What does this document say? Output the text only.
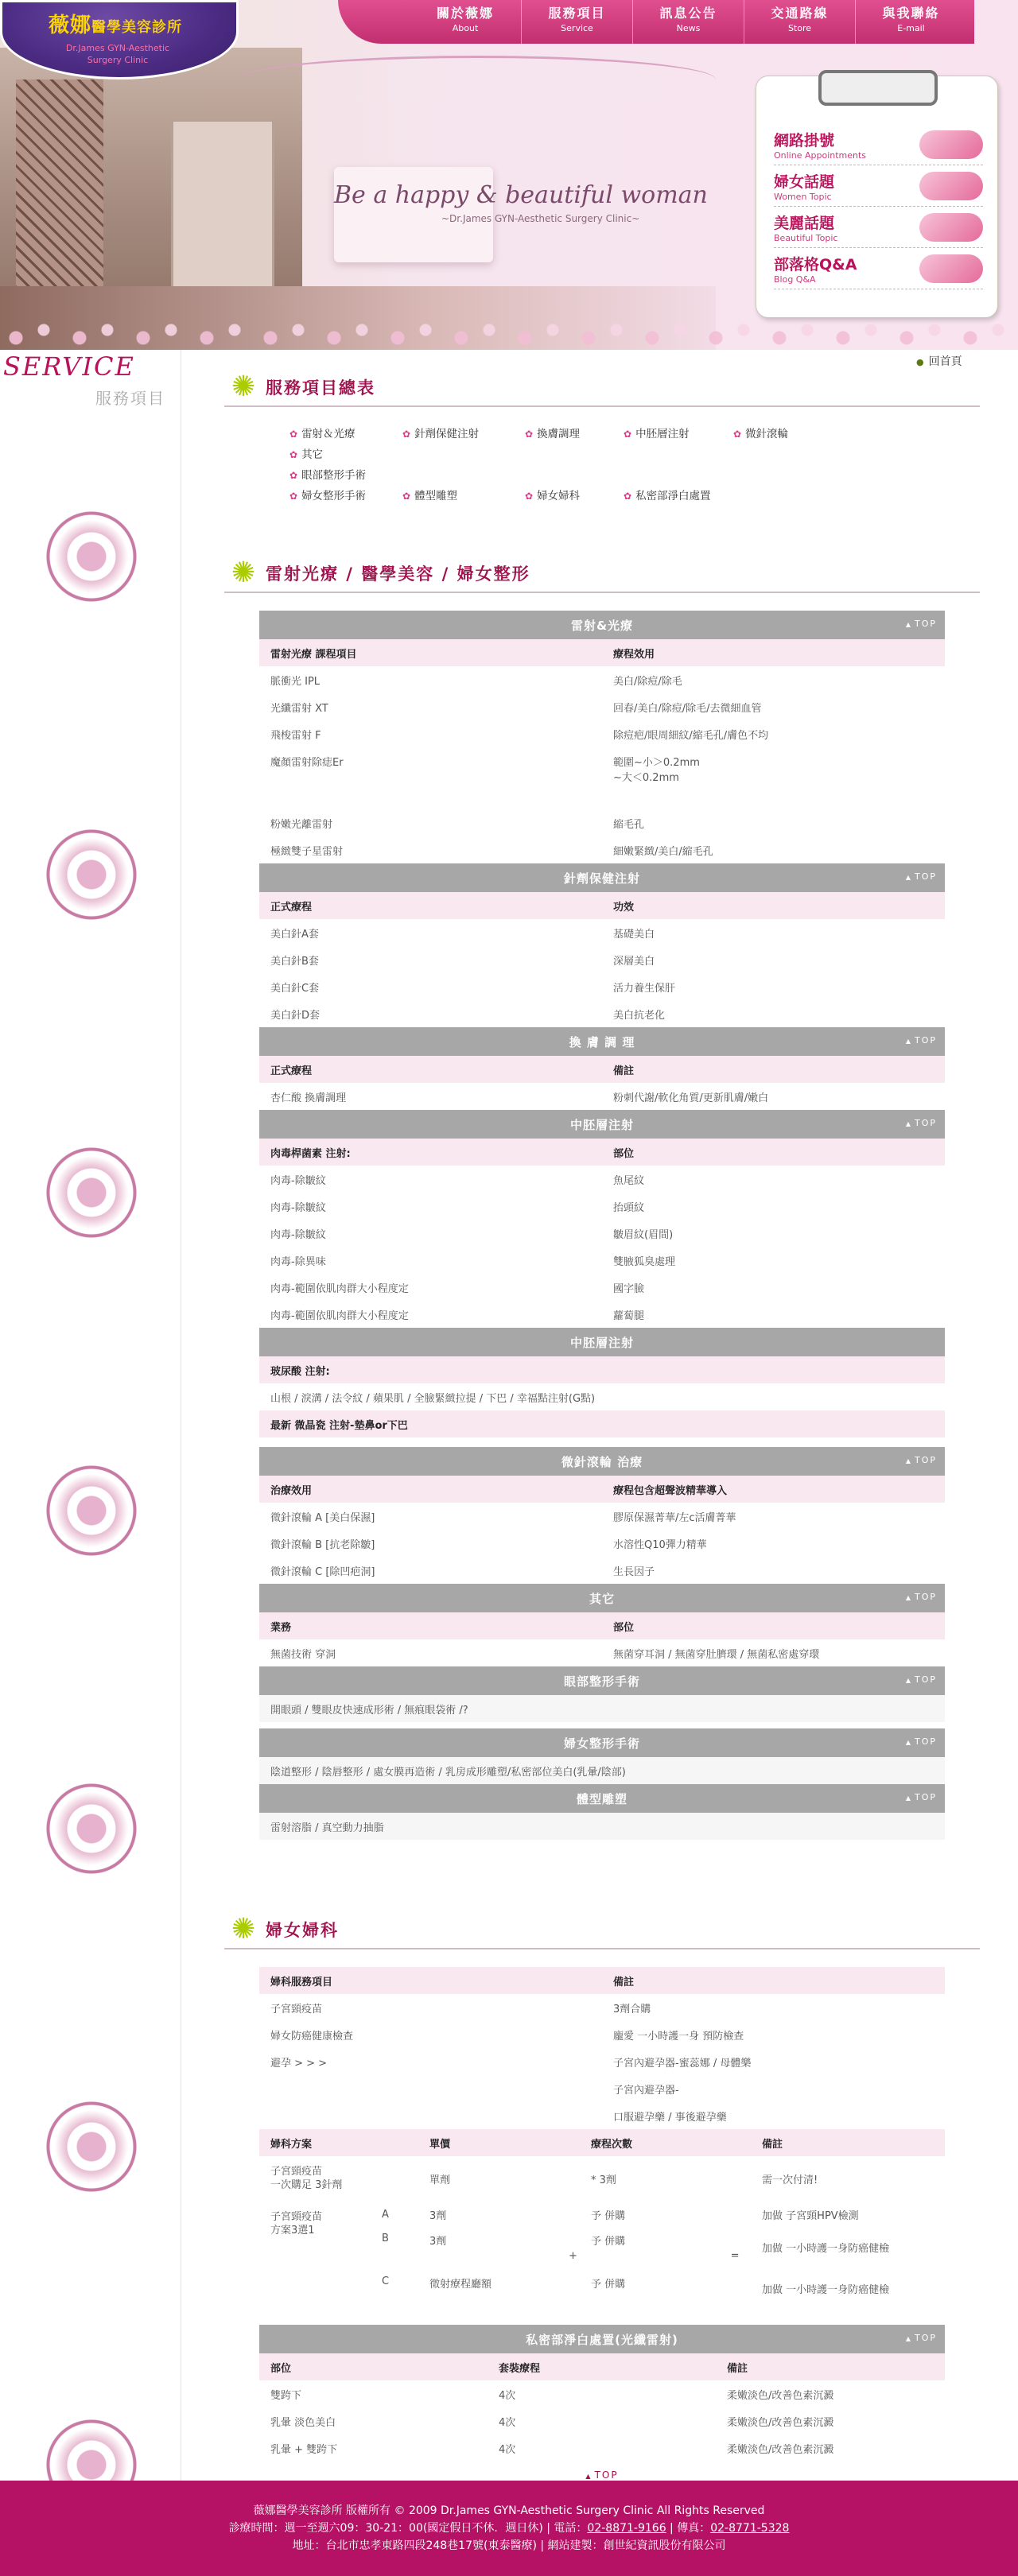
薇娜醫學美容診所
Dr.James GYN-Aesthetic
Surgery Clinic
關於薇娜
About
服務項目
Service
訊息公告
News
交通路線
Store
與我聯絡
E-mail
Be a happy & beautiful woman
~Dr.James GYN-Aesthetic Surgery Clinic~
網路掛號
Online Appointments
婦女話題
Women Topic
美麗話題
Beautiful Topic
部落格Q&A
Blog Q&A
SERVICE
服務項目
● 回首頁
✺ 服務項目總表
✿ 雷射＆光療	✿ 針劑保健注射	✿ 換膚調理	✿ 中胚層注射	✿ 微針滾輪
✿ 其它
✿ 眼部整形手術
✿ 婦女整形手術	✿ 體型雕塑	✿ 婦女婦科	✿ 私密部淨白處置
✺ 雷射光療 / 醫學美容 / 婦女整形
雷射&光療 ▲ TOP

雷射光療 課程項目	療程效用
脈衝光 IPL	美白/除痘/除毛
光纖雷射 XT	回春/美白/除痘/除毛/去微細血管
飛梭雷射 F	除痘疤/眼周細紋/縮毛孔/膚色不均
魔顏雷射除痣Er	範圍~小＞0.2mm
~大＜0.2mm
粉嫩光離雷射	縮毛孔
極緻雙子星雷射	細嫩緊緻/美白/縮毛孔
針劑保健注射 ▲ TOP

正式療程	功效
美白針A套	基礎美白
美白針B套	深層美白
美白針C套	活力養生保肝
美白針D套	美白抗老化
換 膚 調 理 ▲ TOP

正式療程	備註
杏仁酸 換膚調理	粉刺代謝/軟化角質/更新肌膚/嫩白
中胚層注射 ▲ TOP

肉毒桿菌素 注射:	部位
肉毒-除皺紋	魚尾紋
肉毒-除皺紋	抬頭紋
肉毒-除皺紋	皺眉紋(眉間)
肉毒-除異味	雙腋狐臭處理
肉毒-範圍依肌肉群大小程度定	國字臉
肉毒-範圍依肌肉群大小程度定	蘿蔔腿
中胚層注射	
玻尿酸 注射:	
山根 / 淚溝 / 法令紋 / 蘋果肌 / 全臉緊緻拉提 / 下巴 / 幸福點注射(G點)	
最新 微晶瓷 注射-墊鼻or下巴	

微針滾輪 治療 ▲ TOP

治療效用	療程包含超聲波精華導入
微針滾輪 A [美白保濕]	膠原保濕菁華/左c活膚菁華
微針滾輪 B [抗老除皺]	水溶性Q10彈力精華
微針滾輪 C [除凹疤洞]	生長因子
其它 ▲ TOP

業務	部位
無菌技術 穿洞	無菌穿耳洞 / 無菌穿肚臍環 / 無菌私密處穿環
眼部整形手術 ▲ TOP

開眼頭 / 雙眼皮快速成形術 / 無痕眼袋術 /?	

婦女整形手術 ▲ TOP

陰道整形 / 陰唇整形 / 處女膜再造術 / 乳房成形雕塑/私密部位美白(乳暈/陰部)	
體型雕塑 ▲ TOP

雷射溶脂 / 真空動力抽脂	
✺ 婦女婦科
婦科服務項目	備註
子宮頸疫苗	3劑合購
婦女防癌健康檢查	龐愛 一小時護一身 預防檢查
避孕 > > >	子宮內避孕器-蜜蕊娜 / 母體樂
	子宮內避孕器-
	口服避孕藥 / 事後避孕藥
婦科方案		單價		療程次數		備註
子宮頸疫苗
一次購足 3針劑		單劑		* 3劑		需一次付清!
子宮頸疫苗
方案3選1	A	3劑	+	予 併購	=	加做 子宮頸HPV檢測
	B	3劑		予 併購		加做 一小時護一身防癌健檢
	C	徵射療程廳額		予 併購		加做 一小時護一身防癌健檢
私密部淨白處置(光纖雷射) ▲ TOP

部位	套裝療程	備註
雙跨下	4次	柔嫩淡色/改善色素沉澱
乳暈 淡色美白	4次	柔嫩淡色/改善色素沉澱
乳暈 + 雙跨下	4次	柔嫩淡色/改善色素沉澱
▲ TOP
薇娜醫學美容診所 版權所有 © 2009 Dr.James GYN-Aesthetic Surgery Clinic All Rights Reserved
診療時間：週一至週六09：30-21：00(國定假日不休．週日休) | 電話：02-8871-9166 | 傳真：02-8771-5328
地址：台北市忠孝東路四段248巷17號(東泰醫療) | 網站建製：創世紀資訊股份有限公司
